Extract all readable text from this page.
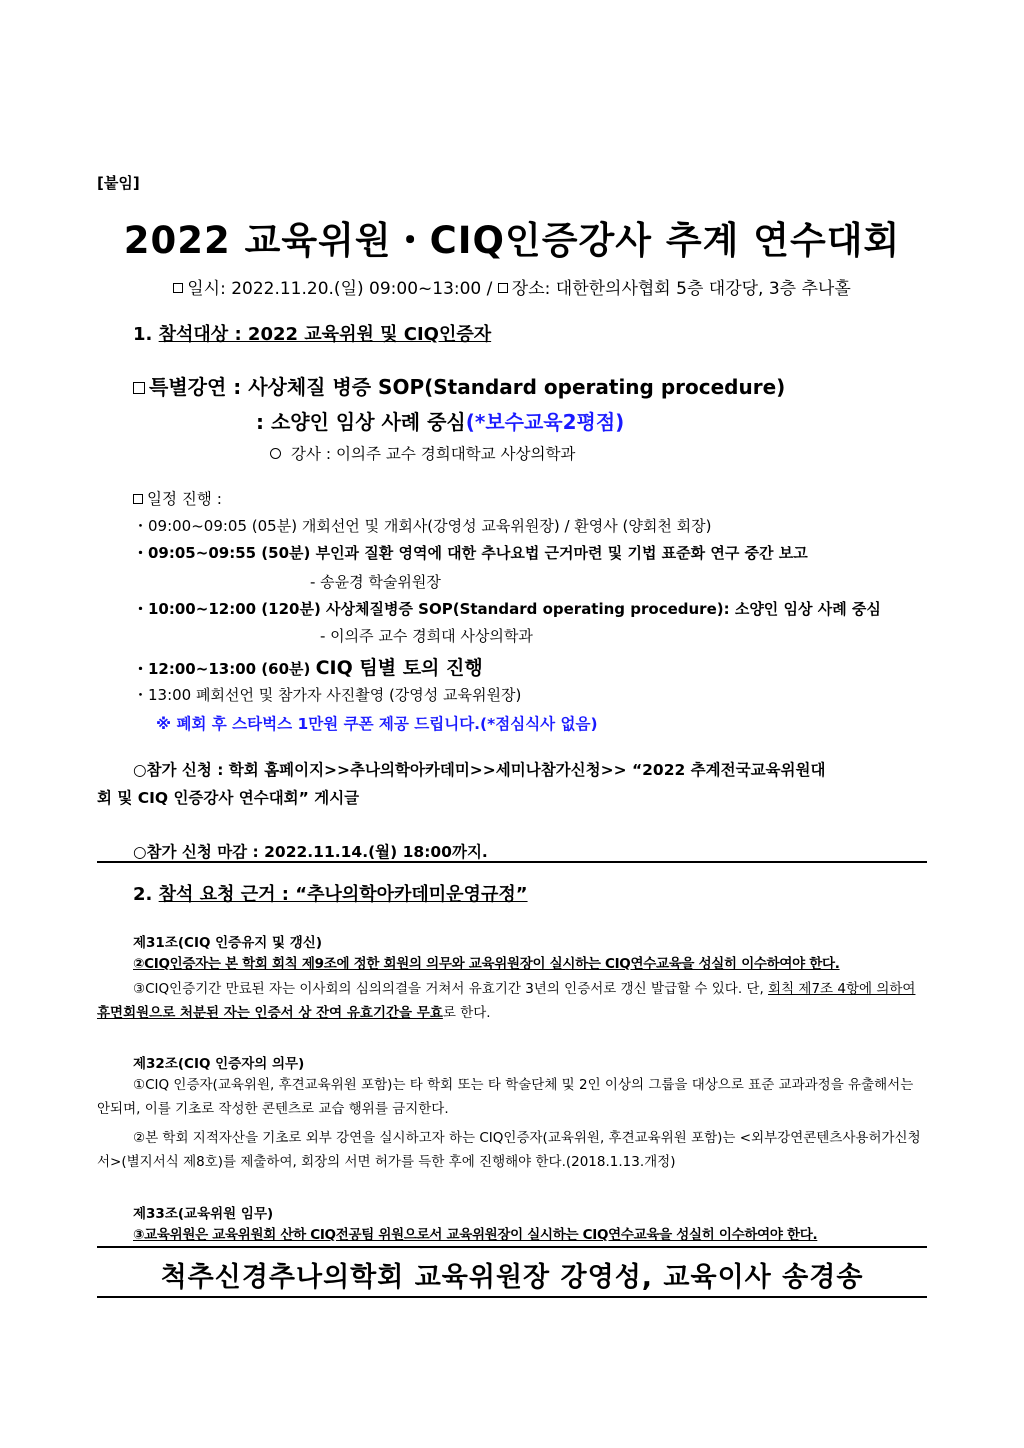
[붙임]
2022 교육위원・CIQ인증강사 추계 연수대회
일시: 2022.11.20.(일) 09:00~13:00 / 장소: 대한한의사협회 5층 대강당, 3층 추나홀
1. 참석대상 : 2022 교육위원 및 CIQ인증자
특별강연 : 사상체질 병증 SOP(Standard operating procedure)
: 소양인 임상 사례 중심(*보수교육2평점)
강사 : 이의주 교수 경희대학교 사상의학과
일정 진행 :
・09:00~09:05 (05분) 개회선언 및 개회사(강영성 교육위원장) / 환영사 (양회천 회장)
・09:05~09:55 (50분) 부인과 질환 영역에 대한 추나요법 근거마련 및 기법 표준화 연구 중간 보고
- 송윤경 학술위원장
・10:00~12:00 (120분) 사상체질병증 SOP(Standard operating procedure): 소양인 임상 사례 중심
- 이의주 교수 경희대 사상의학과
・12:00~13:00 (60분) CIQ 팀별 토의 진행
・13:00 폐회선언 및 참가자 사진촬영 (강영성 교육위원장)
※ 폐회 후 스타벅스 1만원 쿠폰 제공 드립니다.(*점심식사 없음)
○참가 신청 : 학회 홈페이지>>추나의학아카데미>>세미나참가신청>> “2022 추계전국교육위원대
회 및 CIQ 인증강사 연수대회” 게시글
○참가 신청 마감 : 2022.11.14.(월) 18:00까지.
2. 참석 요청 근거 : “추나의학아카데미운영규정”
제31조(CIQ 인증유지 및 갱신)
②CIQ인증자는 본 학회 회칙 제9조에 정한 회원의 의무와 교육위원장이 실시하는 CIQ연수교육을 성실히 이수하여야 한다.
③CIQ인증기간 만료된 자는 이사회의 심의의결을 거쳐서 유효기간 3년의 인증서로 갱신 발급할 수 있다. 단, 회칙 제7조 4항에 의하여 휴면회원으로 처분된 자는 인증서 상 잔여 유효기간을 무효로 한다.
제32조(CIQ 인증자의 의무)
①CIQ 인증자(교육위원, 후견교육위원 포함)는 타 학회 또는 타 학술단체 및 2인 이상의 그룹을 대상으로 표준 교과과정을 유출해서는 안되며, 이를 기초로 작성한 콘텐츠로 교습 행위를 금지한다.
②본 학회 지적자산을 기초로 외부 강연을 실시하고자 하는 CIQ인증자(교육위원, 후견교육위원 포함)는 <외부강연콘텐츠사용허가신청서>(별지서식 제8호)를 제출하여, 회장의 서면 허가를 득한 후에 진행해야 한다.(2018.1.13.개정)
제33조(교육위원 임무)
③교육위원은 교육위원회 산하 CIQ전공팀 위원으로서 교육위원장이 실시하는 CIQ연수교육을 성실히 이수하여야 한다.
척추신경추나의학회 교육위원장 강영성, 교육이사 송경송
